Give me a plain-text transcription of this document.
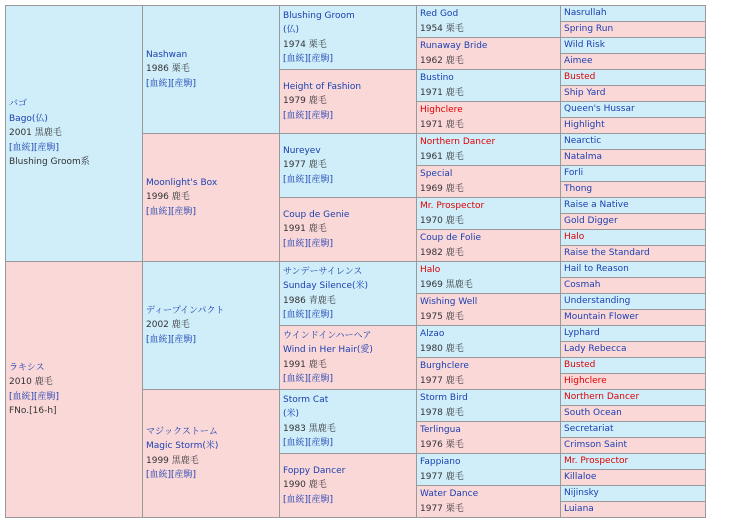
バゴ
Bago(仏)
2001 黒鹿毛
[血統][産駒]
Blushing Groom系	Nashwan
1986 栗毛
[血統][産駒]	Blushing Groom
(仏)
1974 栗毛
[血統][産駒]	Red God
1954 栗毛	Nasrullah

				Spring Run

			Runaway Bride
1962 鹿毛	Wild Risk

				Aimee

		Height of Fashion
1979 鹿毛
[血統][産駒]	Bustino
1971 鹿毛	Busted

				Ship Yard

			Highclere
1971 鹿毛	Queen's Hussar

				Highlight

	Moonlight's Box
1996 鹿毛
[血統][産駒]	Nureyev
1977 鹿毛
[血統][産駒]	Northern Dancer
1961 鹿毛	Nearctic

				Natalma

			Special
1969 鹿毛	Forli

				Thong

		Coup de Genie
1991 鹿毛
[血統][産駒]	Mr. Prospector
1970 鹿毛	Raise a Native

				Gold Digger

			Coup de Folie
1982 鹿毛	Halo

				Raise the Standard

ラキシス
2010 鹿毛
[血統][産駒]
FNo.[16-h]	ディープインパクト
2002 鹿毛
[血統][産駒]	サンデーサイレンス
Sunday Silence(米)
1986 青鹿毛
[血統][産駒]	Halo
1969 黒鹿毛	Hail to Reason

				Cosmah

			Wishing Well
1975 鹿毛	Understanding

				Mountain Flower

		ウインドインハーヘア
Wind in Her Hair(愛)
1991 鹿毛
[血統][産駒]	Alzao
1980 鹿毛	Lyphard

				Lady Rebecca

			Burghclere
1977 鹿毛	Busted

				Highclere

	マジックストーム
Magic Storm(米)
1999 黒鹿毛
[血統][産駒]	Storm Cat
(米)
1983 黒鹿毛
[血統][産駒]	Storm Bird
1978 鹿毛	Northern Dancer

				South Ocean

			Terlingua
1976 栗毛	Secretariat

				Crimson Saint

		Foppy Dancer
1990 鹿毛
[血統][産駒]	Fappiano
1977 鹿毛	Mr. Prospector

				Killaloe

			Water Dance
1977 栗毛	Nijinsky

				Luiana
